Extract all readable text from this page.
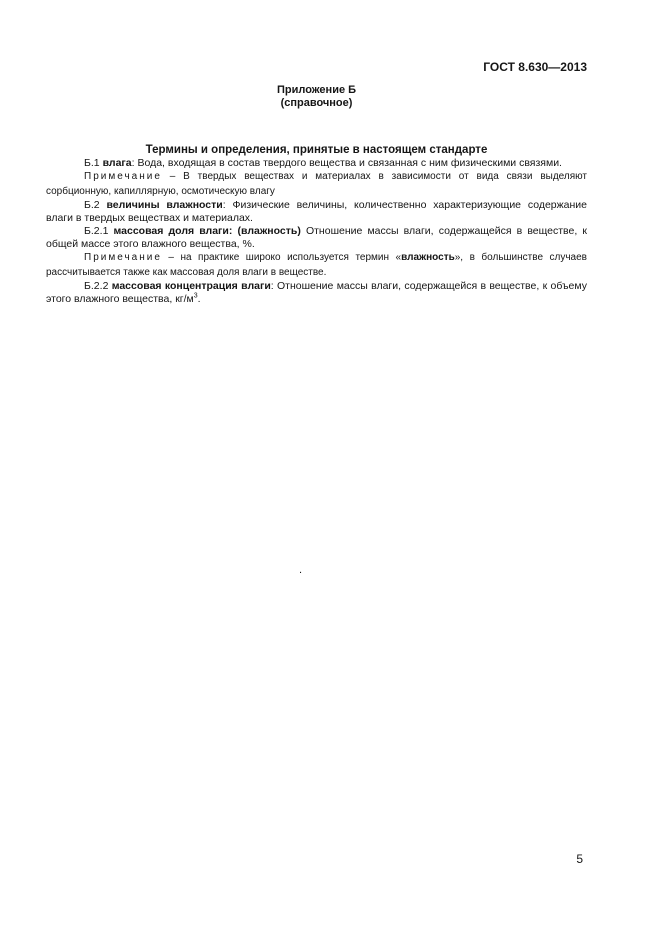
ГОСТ 8.630—2013
Приложение Б
(справочное)
Термины и определения, принятые в настоящем стандарте

Б.1 влага: Вода, входящая в состав твердого вещества и связанная с ним физическими связями.

Примечание – В твердых веществах и материалах в зависимости от вида связи выделяют сорбционную, капиллярную, осмотическую влагу

Б.2 величины влажности: Физические величины, количественно характеризующие содержание влаги в твердых веществах и материалах.

Б.2.1 массовая доля влаги: (влажность) Отношение массы влаги, содержащейся в веществе, к общей массе этого влажного вещества, %.

Примечание – на практике широко используется термин «влажность», в большинстве случаев рассчитывается также как массовая доля влаги в веществе.

Б.2.2 массовая концентрация влаги: Отношение массы влаги, содержащейся в веществе, к объему этого влажного вещества, $кг/м^3$.

.
5
